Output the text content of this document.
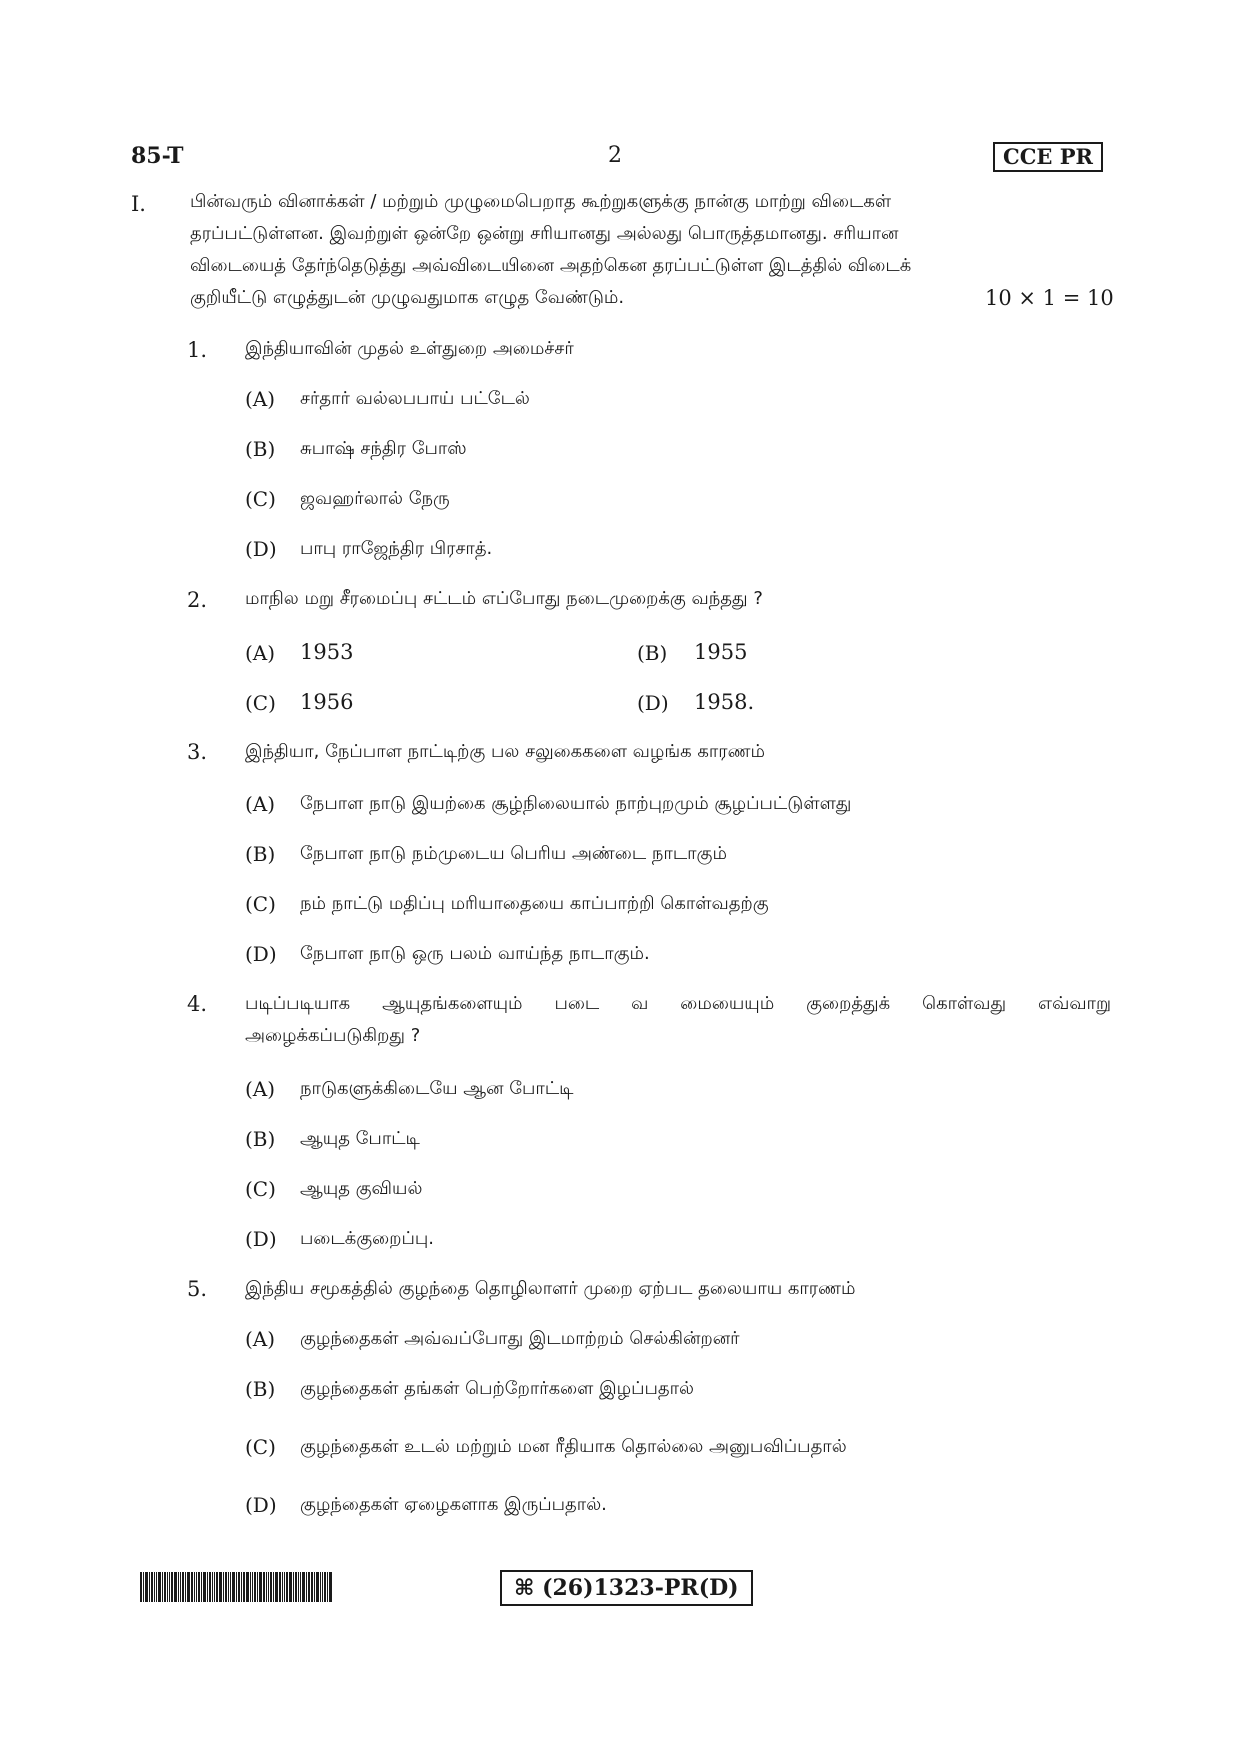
85-T	2	CCE PR
I. பின்வரும் வினாக்கள் / மற்றும் முழுமைபெறாத கூற்றுகளுக்கு நான்கு மாற்று விடைகள்
தரப்பட்டுள்ளன. இவற்றுள் ஒன்றே ஒன்று சரியானது அல்லது பொருத்தமானது. சரியான
விடையைத் தேர்ந்தெடுத்து அவ்விடையினை அதற்கென தரப்பட்டுள்ள இடத்தில் விடைக்
குறியீட்டு எழுத்துடன் முழுவதுமாக எழுத வேண்டும்.	10 × 1 = 10
1. இந்தியாவின் முதல் உள்துறை அமைச்சர்
(A) சர்தார் வல்லபபாய் பட்டேல்
(B) சுபாஷ் சந்திர போஸ்
(C) ஜவஹர்லால் நேரு
(D) பாபு ராஜேந்திர பிரசாத்.
2. மாநில மறு சீரமைப்பு சட்டம் எப்போது நடைமுறைக்கு வந்தது ?
(A) 1953	(B) 1955
(C) 1956	(D) 1958.
3. இந்தியா, நேப்பாள நாட்டிற்கு பல சலுகைகளை வழங்க காரணம்
(A) நேபாள நாடு இயற்கை சூழ்நிலையால் நாற்புறமும் சூழப்பட்டுள்ளது
(B) நேபாள நாடு நம்முடைய பெரிய அண்டை நாடாகும்
(C) நம் நாட்டு மதிப்பு மரியாதையை காப்பாற்றி கொள்வதற்கு
(D) நேபாள நாடு ஒரு பலம் வாய்ந்த நாடாகும்.
4. படிப்படியாக ஆயுதங்களையும் படை வ மையையும் குறைத்துக் கொள்வது எவ்வாறு
அழைக்கப்படுகிறது ?
(A) நாடுகளுக்கிடையே ஆன போட்டி
(B) ஆயுத போட்டி
(C) ஆயுத குவியல்
(D) படைக்குறைப்பு.
5. இந்திய சமூகத்தில் குழந்தை தொழிலாளர் முறை ஏற்பட தலையாய காரணம்
(A) குழந்தைகள் அவ்வப்போது இடமாற்றம் செல்கின்றனர்
(B) குழந்தைகள் தங்கள் பெற்றோர்களை இழப்பதால்
(C) குழந்தைகள் உடல் மற்றும் மன ரீதியாக தொல்லை அனுபவிப்பதால்
(D) குழந்தைகள் ஏழைகளாக இருப்பதால்.
⌘ (26)1323-PR(D)
